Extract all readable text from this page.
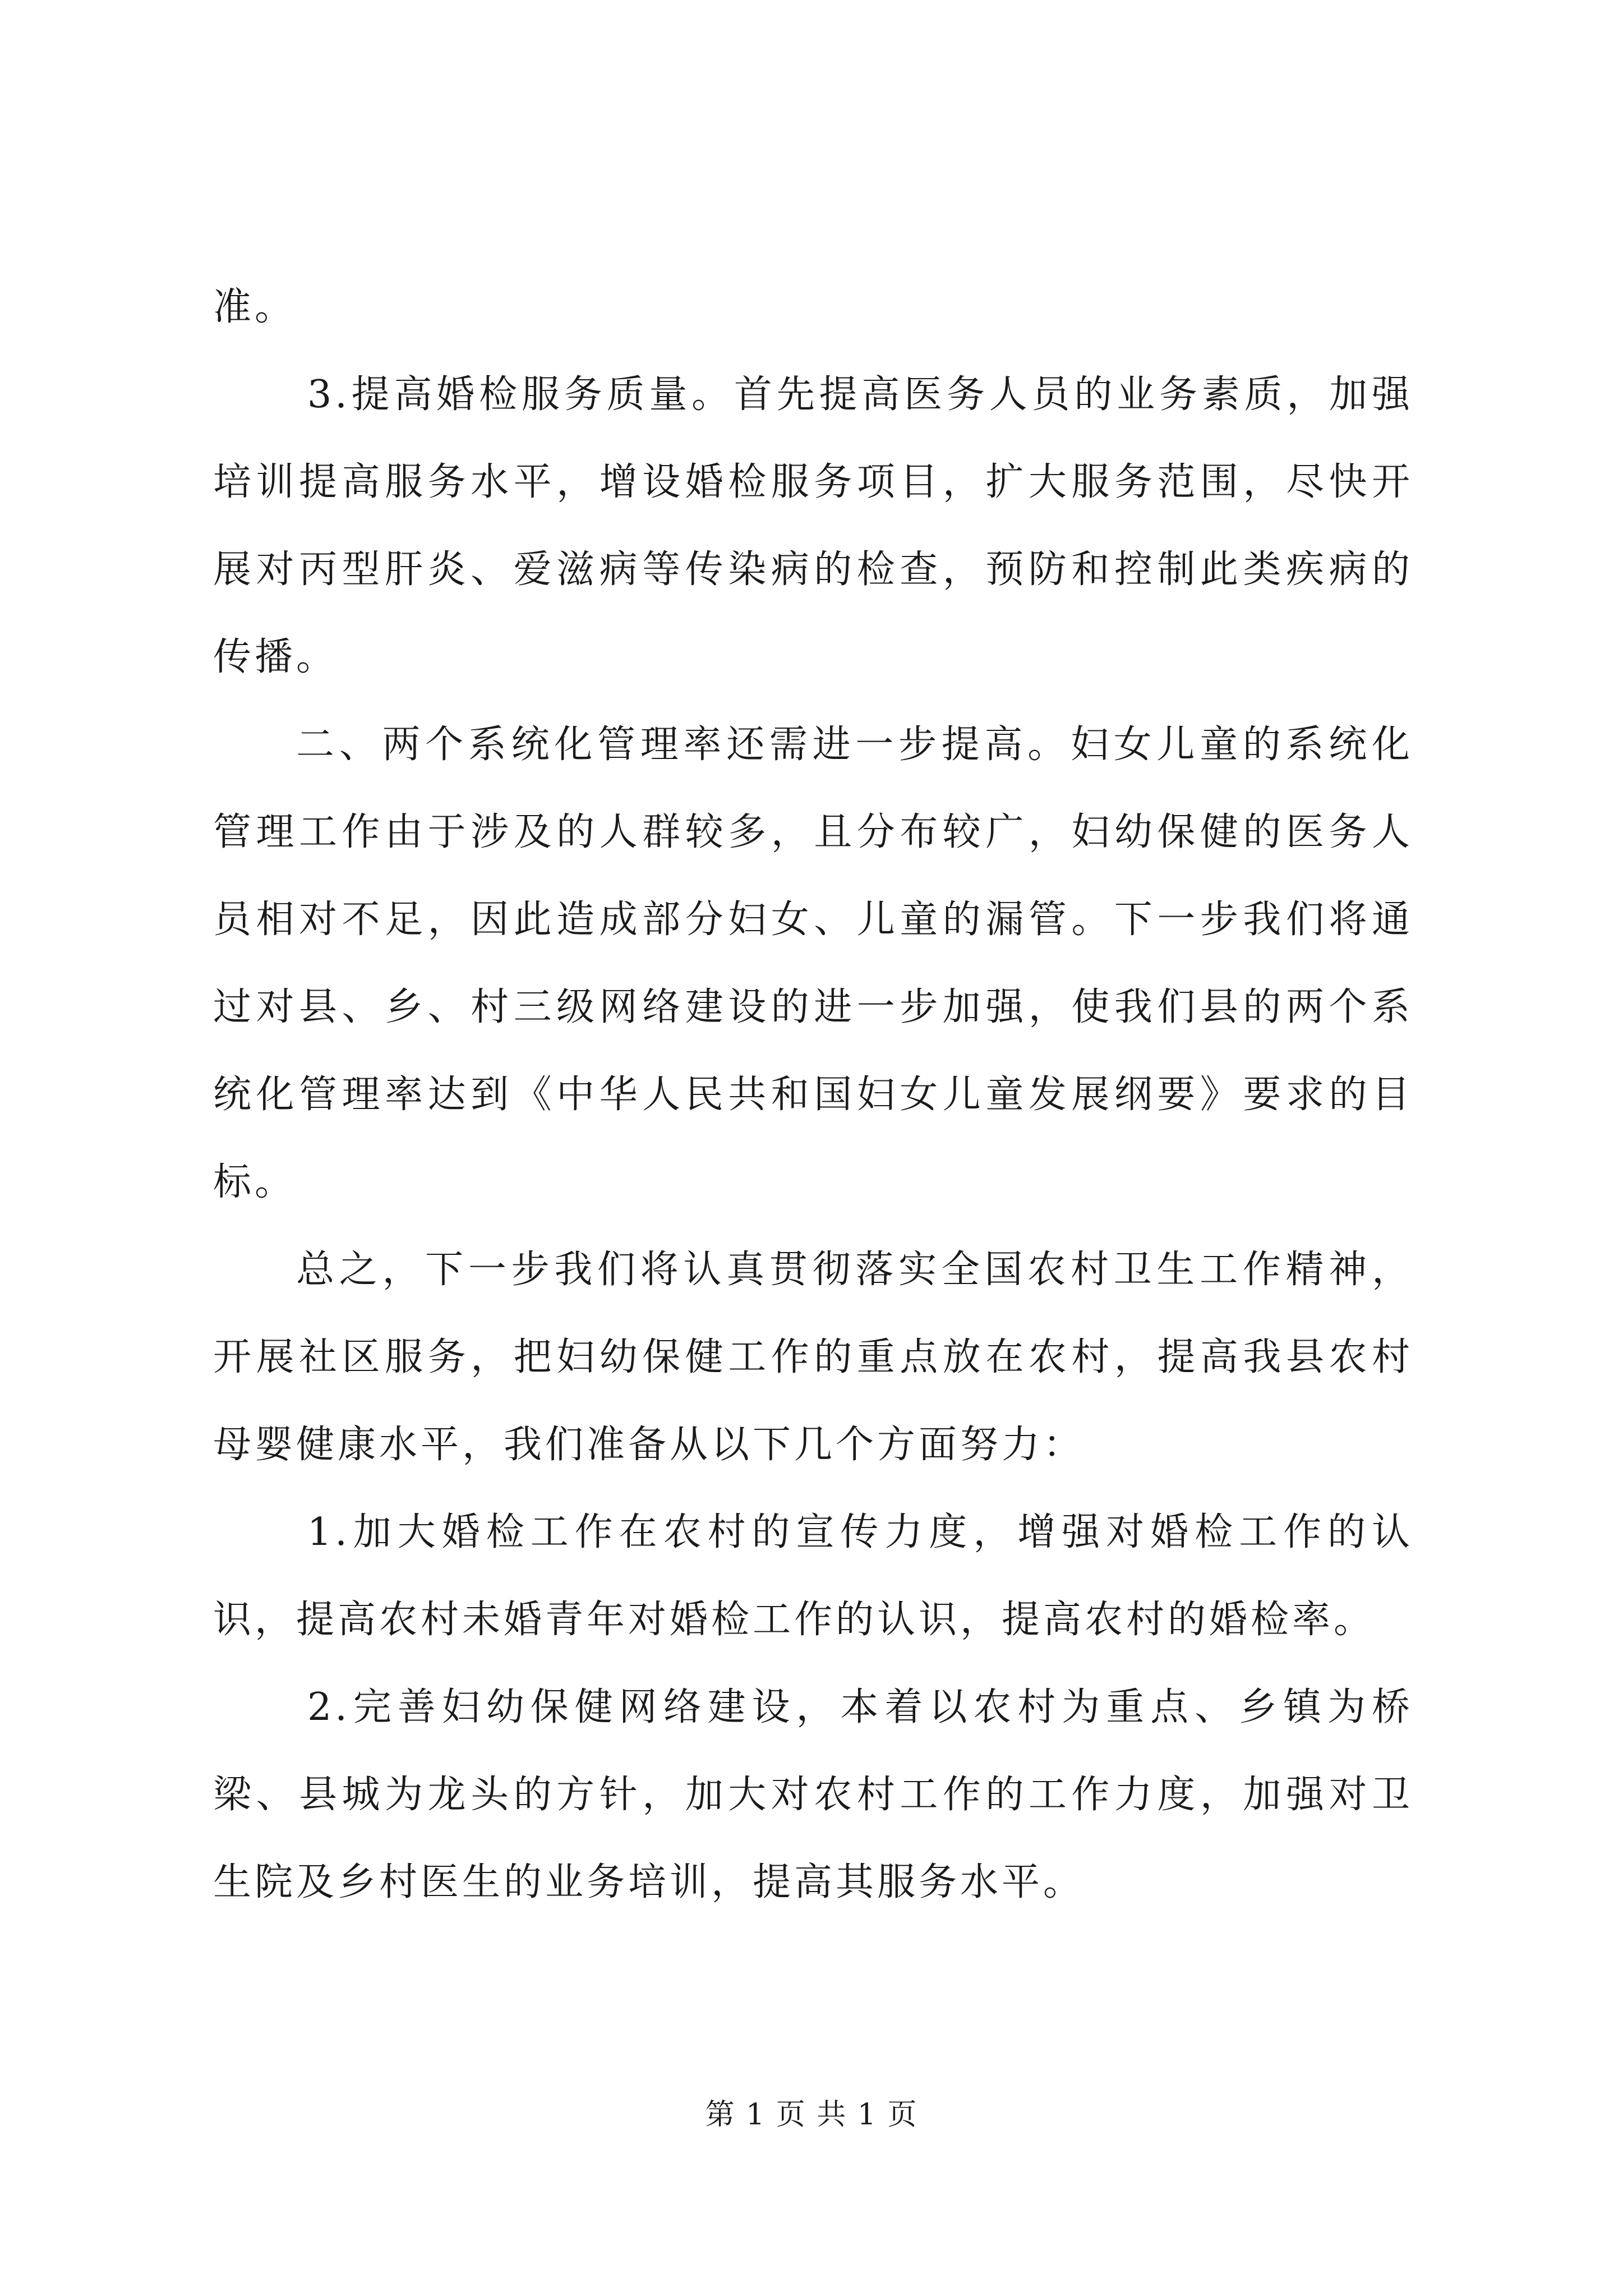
准。

3.提高婚检服务质量。首先提高医务人员的业务素质，加强培训提高服务水平，增设婚检服务项目，扩大服务范围，尽快开展对丙型肝炎、爱滋病等传染病的检查，预防和控制此类疾病的传播。

二、两个系统化管理率还需进一步提高。妇女儿童的系统化管理工作由于涉及的人群较多，且分布较广，妇幼保健的医务人员相对不足，因此造成部分妇女、儿童的漏管。下一步我们将通过对县、乡、村三级网络建设的进一步加强，使我们县的两个系统化管理率达到《中华人民共和国妇女儿童发展纲要》要求的目标。

总之，下一步我们将认真贯彻落实全国农村卫生工作精神，开展社区服务，把妇幼保健工作的重点放在农村，提高我县农村母婴健康水平，我们准备从以下几个方面努力：

1.加大婚检工作在农村的宣传力度，增强对婚检工作的认识，提高农村未婚青年对婚检工作的认识，提高农村的婚检率。

2.完善妇幼保健网络建设，本着以农村为重点、乡镇为桥梁、县城为龙头的方针，加大对农村工作的工作力度，加强对卫生院及乡村医生的业务培训，提高其服务水平。

第 1 页 共 1 页
